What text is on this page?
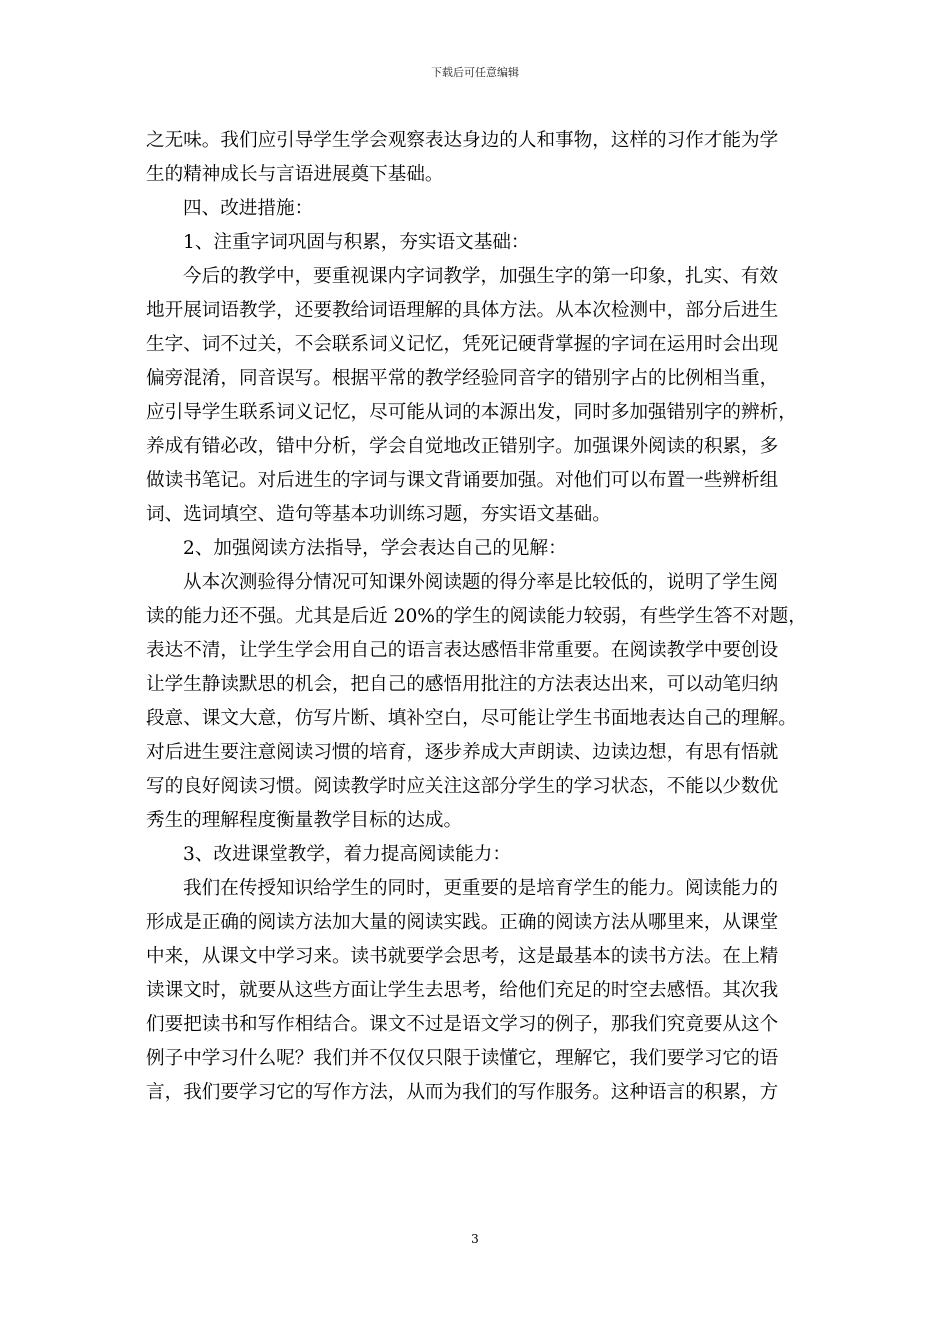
下载后可任意编辑
之无味。我们应引导学生学会观察表达身边的人和事物，这样的习作才能为学
生的精神成长与言语进展奠下基础。
四、改进措施：
1、注重字词巩固与积累，夯实语文基础：
今后的教学中，要重视课内字词教学，加强生字的第一印象，扎实、有效
地开展词语教学，还要教给词语理解的具体方法。从本次检测中，部分后进生
生字、词不过关，不会联系词义记忆，凭死记硬背掌握的字词在运用时会出现
偏旁混淆，同音误写。根据平常的教学经验同音字的错别字占的比例相当重，
应引导学生联系词义记忆，尽可能从词的本源出发，同时多加强错别字的辨析，
养成有错必改，错中分析，学会自觉地改正错别字。加强课外阅读的积累，多
做读书笔记。对后进生的字词与课文背诵要加强。对他们可以布置一些辨析组
词、选词填空、造句等基本功训练习题，夯实语文基础。
2、加强阅读方法指导，学会表达自己的见解：
从本次测验得分情况可知课外阅读题的得分率是比较低的，说明了学生阅
读的能力还不强。尤其是后近 20%的学生的阅读能力较弱，有些学生答不对题，
表达不清，让学生学会用自己的语言表达感悟非常重要。在阅读教学中要创设
让学生静读默思的机会，把自己的感悟用批注的方法表达出来，可以动笔归纳
段意、课文大意，仿写片断、填补空白，尽可能让学生书面地表达自己的理解。
对后进生要注意阅读习惯的培育，逐步养成大声朗读、边读边想，有思有悟就
写的良好阅读习惯。阅读教学时应关注这部分学生的学习状态，不能以少数优
秀生的理解程度衡量教学目标的达成。
3、改进课堂教学，着力提高阅读能力：
我们在传授知识给学生的同时，更重要的是培育学生的能力。阅读能力的
形成是正确的阅读方法加大量的阅读实践。正确的阅读方法从哪里来，从课堂
中来，从课文中学习来。读书就要学会思考，这是最基本的读书方法。在上精
读课文时，就要从这些方面让学生去思考，给他们充足的时空去感悟。其次我
们要把读书和写作相结合。课文不过是语文学习的例子，那我们究竟要从这个
例子中学习什么呢？我们并不仅仅只限于读懂它，理解它，我们要学习它的语
言，我们要学习它的写作方法，从而为我们的写作服务。这种语言的积累，方
3
